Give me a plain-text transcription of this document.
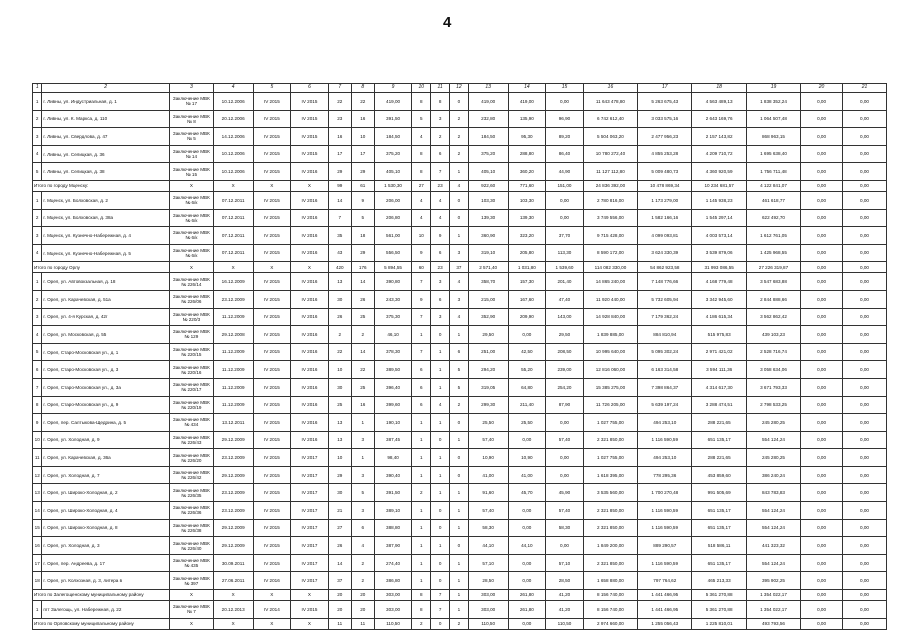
4
1	2	3	4	5	6	7	8	9	10	11	12	13	14	15	16	17	18	19	20	21
1	г. Ливны, ул. Индустриальная, д. 1	Заключение МВК № 17	10.12.2006	IV 2015	IV 2015	22	22	419,00	8	8	0	419,00	419,00	0,00	11 643 478,80	5 263 675,43	4 563 489,13	1 838 352,24	0,00	0,00
2	г. Ливны, ул. К. Маркса, д. 110	Заключение МВК № 8	20.12.2006	IV 2015	IV 2015	23	16	391,50	5	3	2	232,80	135,90	96,90	6 742 612,40	3 033 575,16	2 643 169,76	1 064 507,48	0,00	0,00
3	г. Ливны, ул. Свердлова, д. 47	Заключение МВК № 5	14.12.2006	IV 2015	IV 2015	16	10	184,50	4	2	2	184,50	95,30	89,20	5 504 063,20	2 477 956,23	2 157 143,82	868 963,15	0,00	0,00
4	г. Ливны, ул. Селицкая, д. 36	Заключение МВК № 14	10.12.2006	IV 2015	IV 2015	17	17	375,20	8	6	2	375,20	288,80	86,40	10 780 272,40	4 855 253,28	4 209 710,72	1 695 638,40	0,00	0,00
5	г. Ливны, ул. Селицкая, д. 38	Заключение МВК № 15	10.12.2006	IV 2015	IV 2016	29	29	405,10	8	7	1	405,10	360,20	44,90	11 127 112,80	5 009 480,73	4 360 920,59	1 756 711,48	0,00	0,00
Итого по городу Мценску:		Х	Х	Х	Х	99	61	1 530,30	27	23	4	922,60	771,60	151,00	24 836 392,00	10 478 869,34	10 234 681,57	4 122 841,07	0,00	0,00
1	г. Мценск, ул. Болховская, д. 2	Заключение МВК № 6/к	07.12.2011	IV 2015	IV 2016	14	9	206,00	4	4	0	103,30	103,30	0,00	2 780 816,00	1 173 279,00	1 145 938,23	461 618,77	0,00	0,00
2	г. Мценск, ул. Болховская, д. 38а	Заключение МВК № 6/к	07.12.2011	IV 2015	IV 2016	7	5	206,80	4	4	0	139,30	139,30	0,00	3 749 556,00	1 582 166,16	1 545 297,14	622 492,70	0,00	0,00
3	г. Мценск, ул. Кузнечно-Набережная, д. 4	Заключение МВК № 6/к	07.12.2011	IV 2015	IV 2016	35	18	561,00	10	9	1	360,90	323,20	37,70	9 715 428,00	4 099 093,81	4 003 573,14	1 612 761,05	0,00	0,00
4	г. Мценск, ул. Кузнечно-Набережная, д. 5	Заключение МВК № 6/к	07.12.2011	IV 2015	IV 2016	43	29	556,50	9	6	3	319,10	205,80	113,30	8 590 172,00	3 624 330,39	3 539 879,06	1 425 968,55	0,00	0,00
Итого по городу Орлу		Х	Х	Х	Х	420	176	5 894,55	60	23	37	2 571,40	1 031,80	1 539,60	114 082 330,00	54 862 923,58	31 993 086,55	27 226 319,87	0,00	0,00
1	г. Орел, ул. Автовокзальная, д. 18	Заключение МВК № 226/14	16.12.2009	IV 2015	IV 2016	13	14	390,80	7	3	4	358,70	157,30	201,40	14 865 240,00	7 148 776,66	4 168 779,48	3 547 683,88	0,00	0,00
2	г. Орел, ул. Карачевская, д. 51а	Заключение МВК № 226/06	23.12.2009	IV 2015	IV 2016	30	26	243,30	9	6	3	215,00	167,60	47,40	11 920 440,00	5 732 605,94	3 342 945,60	2 844 888,66	0,00	0,00
3	г. Орел, ул. 4-я Курская, д. 42г	Заключение МВК № 220/3	11.12.2009	IV 2015	IV 2016	26	25	375,30	7	3	4	352,90	209,90	143,00	14 928 840,00	7 179 362,24	4 186 615,34	3 562 862,42	0,00	0,00
4	г. Орел, ул. Московская, д. 55	Заключение МВК № 129	29.12.2008	IV 2015	IV 2016	2	2	46,10	1	0	1	29,50	0,00	29,50	1 839 885,00	884 810,94	515 975,83	439 103,23	0,00	0,00
5	г. Орел, Старо-Московская ул., д. 1	Заключение МВК № 220/15	11.12.2009	IV 2015	IV 2016	22	14	378,30	7	1	6	251,00	42,50	208,50	10 995 640,00	5 095 302,24	2 971 421,02	2 528 716,74	0,00	0,00
6	г. Орел, Старо-Московская ул., д. 3	Заключение МВК № 220/16	11.12.2009	IV 2015	IV 2016	10	22	389,50	6	1	5	294,20	55,20	239,00	12 816 060,00	6 163 314,58	3 594 111,36	3 058 634,06	0,00	0,00
7	г. Орел, Старо-Московская ул., д. 3а	Заключение МВК № 220/17	11.12.2009	IV 2015	IV 2016	30	25	396,40	6	1	5	319,05	64,80	254,20	15 385 275,00	7 398 864,37	4 314 617,30	3 671 793,33	0,00	0,00
8	г. Орел, Старо-Московская ул., д. 9	Заключение МВК № 220/19	11.12.2009	IV 2015	IV 2016	25	16	399,60	6	4	2	299,30	211,40	87,90	11 726 205,00	5 639 197,24	3 288 474,51	2 798 533,25	0,00	0,00
9	г. Орел, пер. Салтыкова-Щедрина, д. 5	Заключение МВК № 434	13.12.2011	IV 2015	IV 2016	13	1	190,10	1	1	0	25,50	25,50	0,00	1 027 755,00	494 253,10	288 221,65	245 280,25	0,00	0,00
10	г. Орел, ул. Холодная, д. 9	Заключение МВК № 226/43	29.12.2009	IV 2015	IV 2016	13	3	387,45	1	0	1	57,40	0,00	57,40	2 321 850,00	1 116 590,59	651 135,17	554 124,24	0,00	0,00
11	г. Орел, ул. Карачевская, д. 36а	Заключение МВК № 226/20	23.12.2009	IV 2015	IV 2017	10	1	98,40	1	1	0	10,90	10,90	0,00	1 027 755,00	494 253,10	288 221,65	245 280,25	0,00	0,00
12	г. Орел, ул. Холодная, д. 7	Заключение МВК № 226/42	29.12.2009	IV 2015	IV 2017	29	3	390,40	1	1	0	41,00	41,00	0,00	1 618 395,00	778 295,36	453 859,60	386 240,24	0,00	0,00
13	г. Орел, ул. Широко-Холодная, д. 2	Заключение МВК № 226/35	23.12.2009	IV 2015	IV 2017	30	5	391,50	2	1	1	91,60	45,70	45,90	3 535 560,00	1 700 270,48	991 505,69	843 783,83	0,00	0,00
14	г. Орел, ул. Широко-Холодная, д. 4	Заключение МВК № 226/36	23.12.2009	IV 2015	IV 2017	21	3	389,10	1	0	1	57,40	0,00	57,40	2 321 850,00	1 116 590,59	651 135,17	554 124,24	0,00	0,00
15	г. Орел, ул. Широко-Холодная, д. 8	Заключение МВК № 226/38	29.12.2009	IV 2015	IV 2017	27	6	388,80	1	0	1	58,30	0,00	58,30	2 321 850,00	1 116 590,59	651 135,17	554 124,24	0,00	0,00
16	г. Орел, ул. Холодная, д. 3	Заключение МВК № 226/40	29.12.2009	IV 2015	IV 2017	26	4	387,90	1	1	0	44,10	44,10	0,00	1 849 200,00	889 290,57	518 586,11	441 323,32	0,00	0,00
17	г. Орел, пер. Андреева, д. 17	Заключение МВК № 435	30.09.2011	IV 2015	IV 2017	14	2	274,40	1	0	1	57,10	0,00	57,10	2 321 850,00	1 116 590,59	651 135,17	554 124,24	0,00	0,00
18	г. Орел, ул. Колхозная, д. 3, литера в	Заключение МВК № 397	27.06.2011	IV 2016	IV 2017	37	2	386,80	1	0	1	28,50	0,00	28,50	1 658 880,00	797 764,62	465 213,33	395 902,25	0,00	0,00
Итого по Залегощенскому муниципальному району		Х	Х	Х	Х	20	20	303,00	8	7	1	303,00	261,80	41,20	8 156 740,00	1 441 466,95	5 361 270,88	1 354 022,17	0,00	0,00
1	пгт Залегощь, ул. Набережная, д. 22	Заключение МВК № 7	20.12.2013	IV 2014	IV 2015	20	20	303,00	8	7	1	303,00	261,80	41,20	8 156 740,00	1 441 466,95	5 361 270,88	1 354 022,17	0,00	0,00
Итого по Орловскому муниципальному району		Х	Х	Х	Х	11	11	110,50	2	0	2	110,50	0,00	110,50	2 974 660,00	1 255 056,43	1 225 810,01	493 793,56	0,00	0,00
